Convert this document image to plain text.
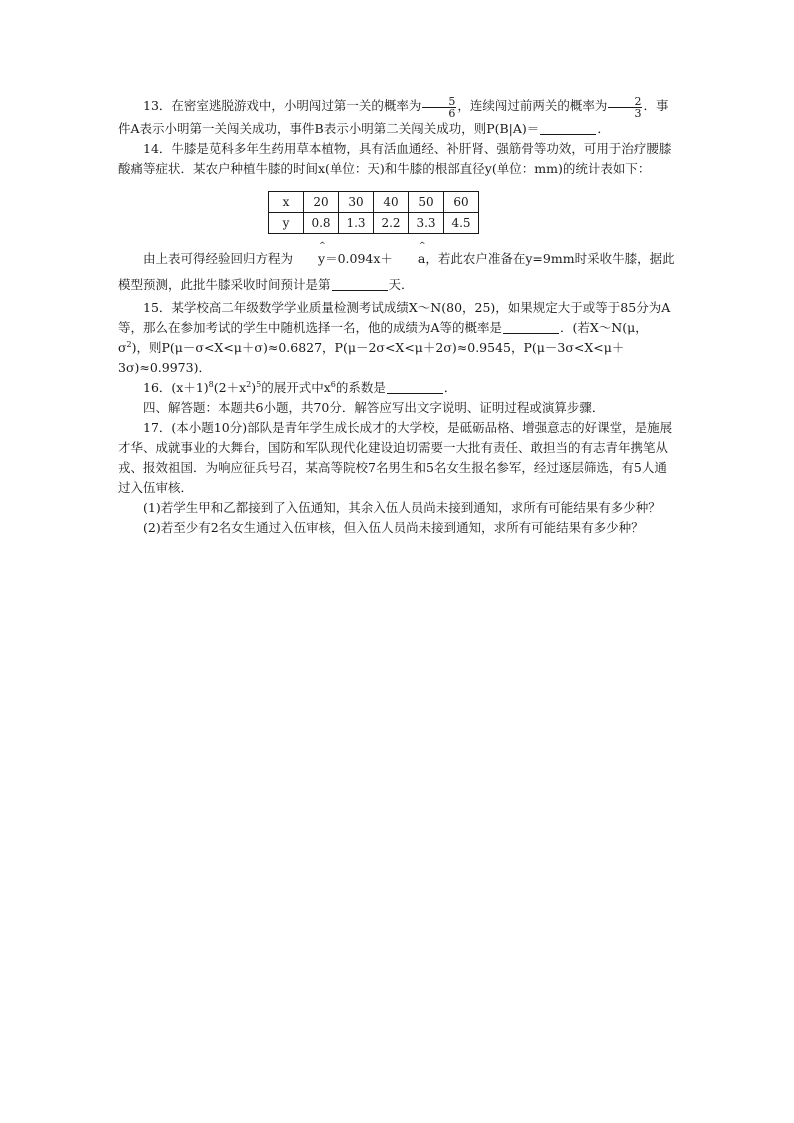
13．在密室逃脱游戏中，小明闯过第一关的概率为 $\frac{5}{6}$ ，连续闯过前两关的概率为 $\frac{2}{3}$ ．事件A表示小明第一关闯关成功，事件B表示小明第二关闯关成功，则P(B|A)＝	．

14．牛膝是苋科多年生药用草本植物，具有活血通经、补肝肾、强筋骨等功效，可用于治疗腰膝酸痛等症状．某农户种植牛膝的时间x(单位：天)和牛膝的根部直径y(单位：mm)的统计表如下：

x	20	30	40	50	60
y	0.8	1.3	2.2	3.3	4.5

由上表可得经验回归方程为 ^ y＝0.094x＋ ^ a，若此农户准备在y=9mm时采收牛膝，据此模型预测，此批牛膝采收时间预计是第	天．

15．某学校高二年级数学学业质量检测考试成绩X～N(80，25)，如果规定大于或等于85分为A等，那么在参加考试的学生中随机选择一名，他的成绩为A等的概率是	．(若X～N(μ，$\sigma^2$)，则P(μ－σ<X<μ＋σ)≈0.6827，P(μ－2σ<X<μ＋2σ)≈0.9545，P(μ－3σ<X<μ＋3σ)≈0.9973)．

16．$(x+1)^8(2+x^2)^5$的展开式中$x^6$的系数是	．

四、解答题：本题共6小题，共70分．解答应写出文字说明、证明过程或演算步骤．

17．(本小题10分)部队是青年学生成长成才的大学校，是砥砺品格、增强意志的好课堂，是施展才华、成就事业的大舞台，国防和军队现代化建设迫切需要一大批有责任、敢担当的有志青年携笔从戎、报效祖国．为响应征兵号召，某高等院校7名男生和5名女生报名参军，经过逐层筛选，有5人通过入伍审核．

(1)若学生甲和乙都接到了入伍通知，其余入伍人员尚未接到通知，求所有可能结果有多少种？

(2)若至少有2名女生通过入伍审核，但入伍人员尚未接到通知，求所有可能结果有多少种？
